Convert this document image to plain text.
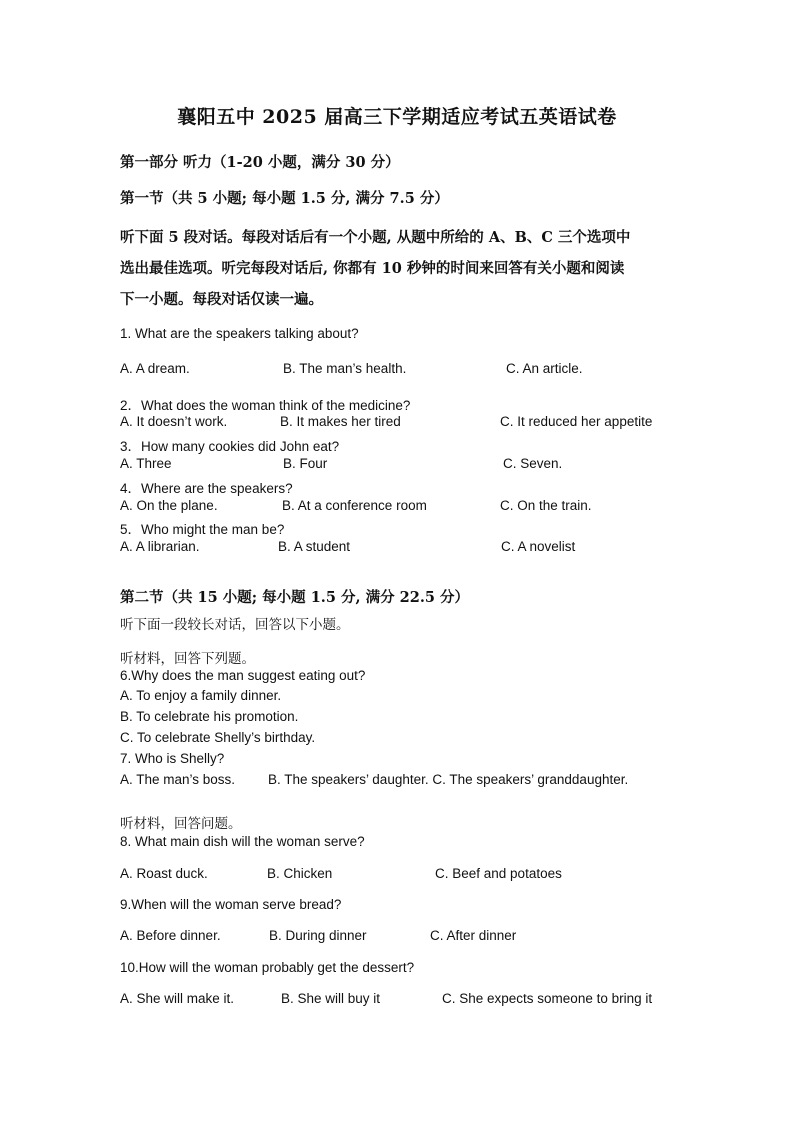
襄阳五中 2025 届高三下学期适应考试五英语试卷
第一部分 听力（1-20 小题，满分 30 分）
第一节（共 5 小题; 每小题 1.5 分, 满分 7.5 分）
听下面 5 段对话。每段对话后有一个小题, 从题中所给的 A、B、C 三个选项中
选出最佳选项。听完每段对话后, 你都有 10 秒钟的时间来回答有关小题和阅读
下一小题。每段对话仅读一遍。
1. What are the speakers talking about?
A. A dream.	B. The man’s health.	C. An article.
2．What does the woman think of the medicine?
A. It doesn’t work.	B. It makes her tired	C. It reduced her appetite
3．How many cookies did John eat?
A. Three	B. Four	C. Seven.
4．Where are the speakers?
A. On the plane.	B. At a conference room	C. On the train.
5．Who might the man be?
A. A librarian.	B. A student	C. A novelist
第二节（共 15 小题; 每小题 1.5 分, 满分 22.5 分）
听下面一段较长对话，回答以下小题。
听材料，回答下列题。
6.Why does the man suggest eating out?
A. To enjoy a family dinner.
B. To celebrate his promotion.
C. To celebrate Shelly’s birthday.
7. Who is Shelly?
A. The man’s boss. B. The speakers’ daughter. C. The speakers’ granddaughter.
听材料，回答问题。
8. What main dish will the woman serve?
A. Roast duck.	B. Chicken	C. Beef and potatoes
9.When will the woman serve bread?
A. Before dinner.	B. During dinner	C. After dinner
10.How will the woman probably get the dessert?
A. She will make it.	B. She will buy it	C. She expects someone to bring it
